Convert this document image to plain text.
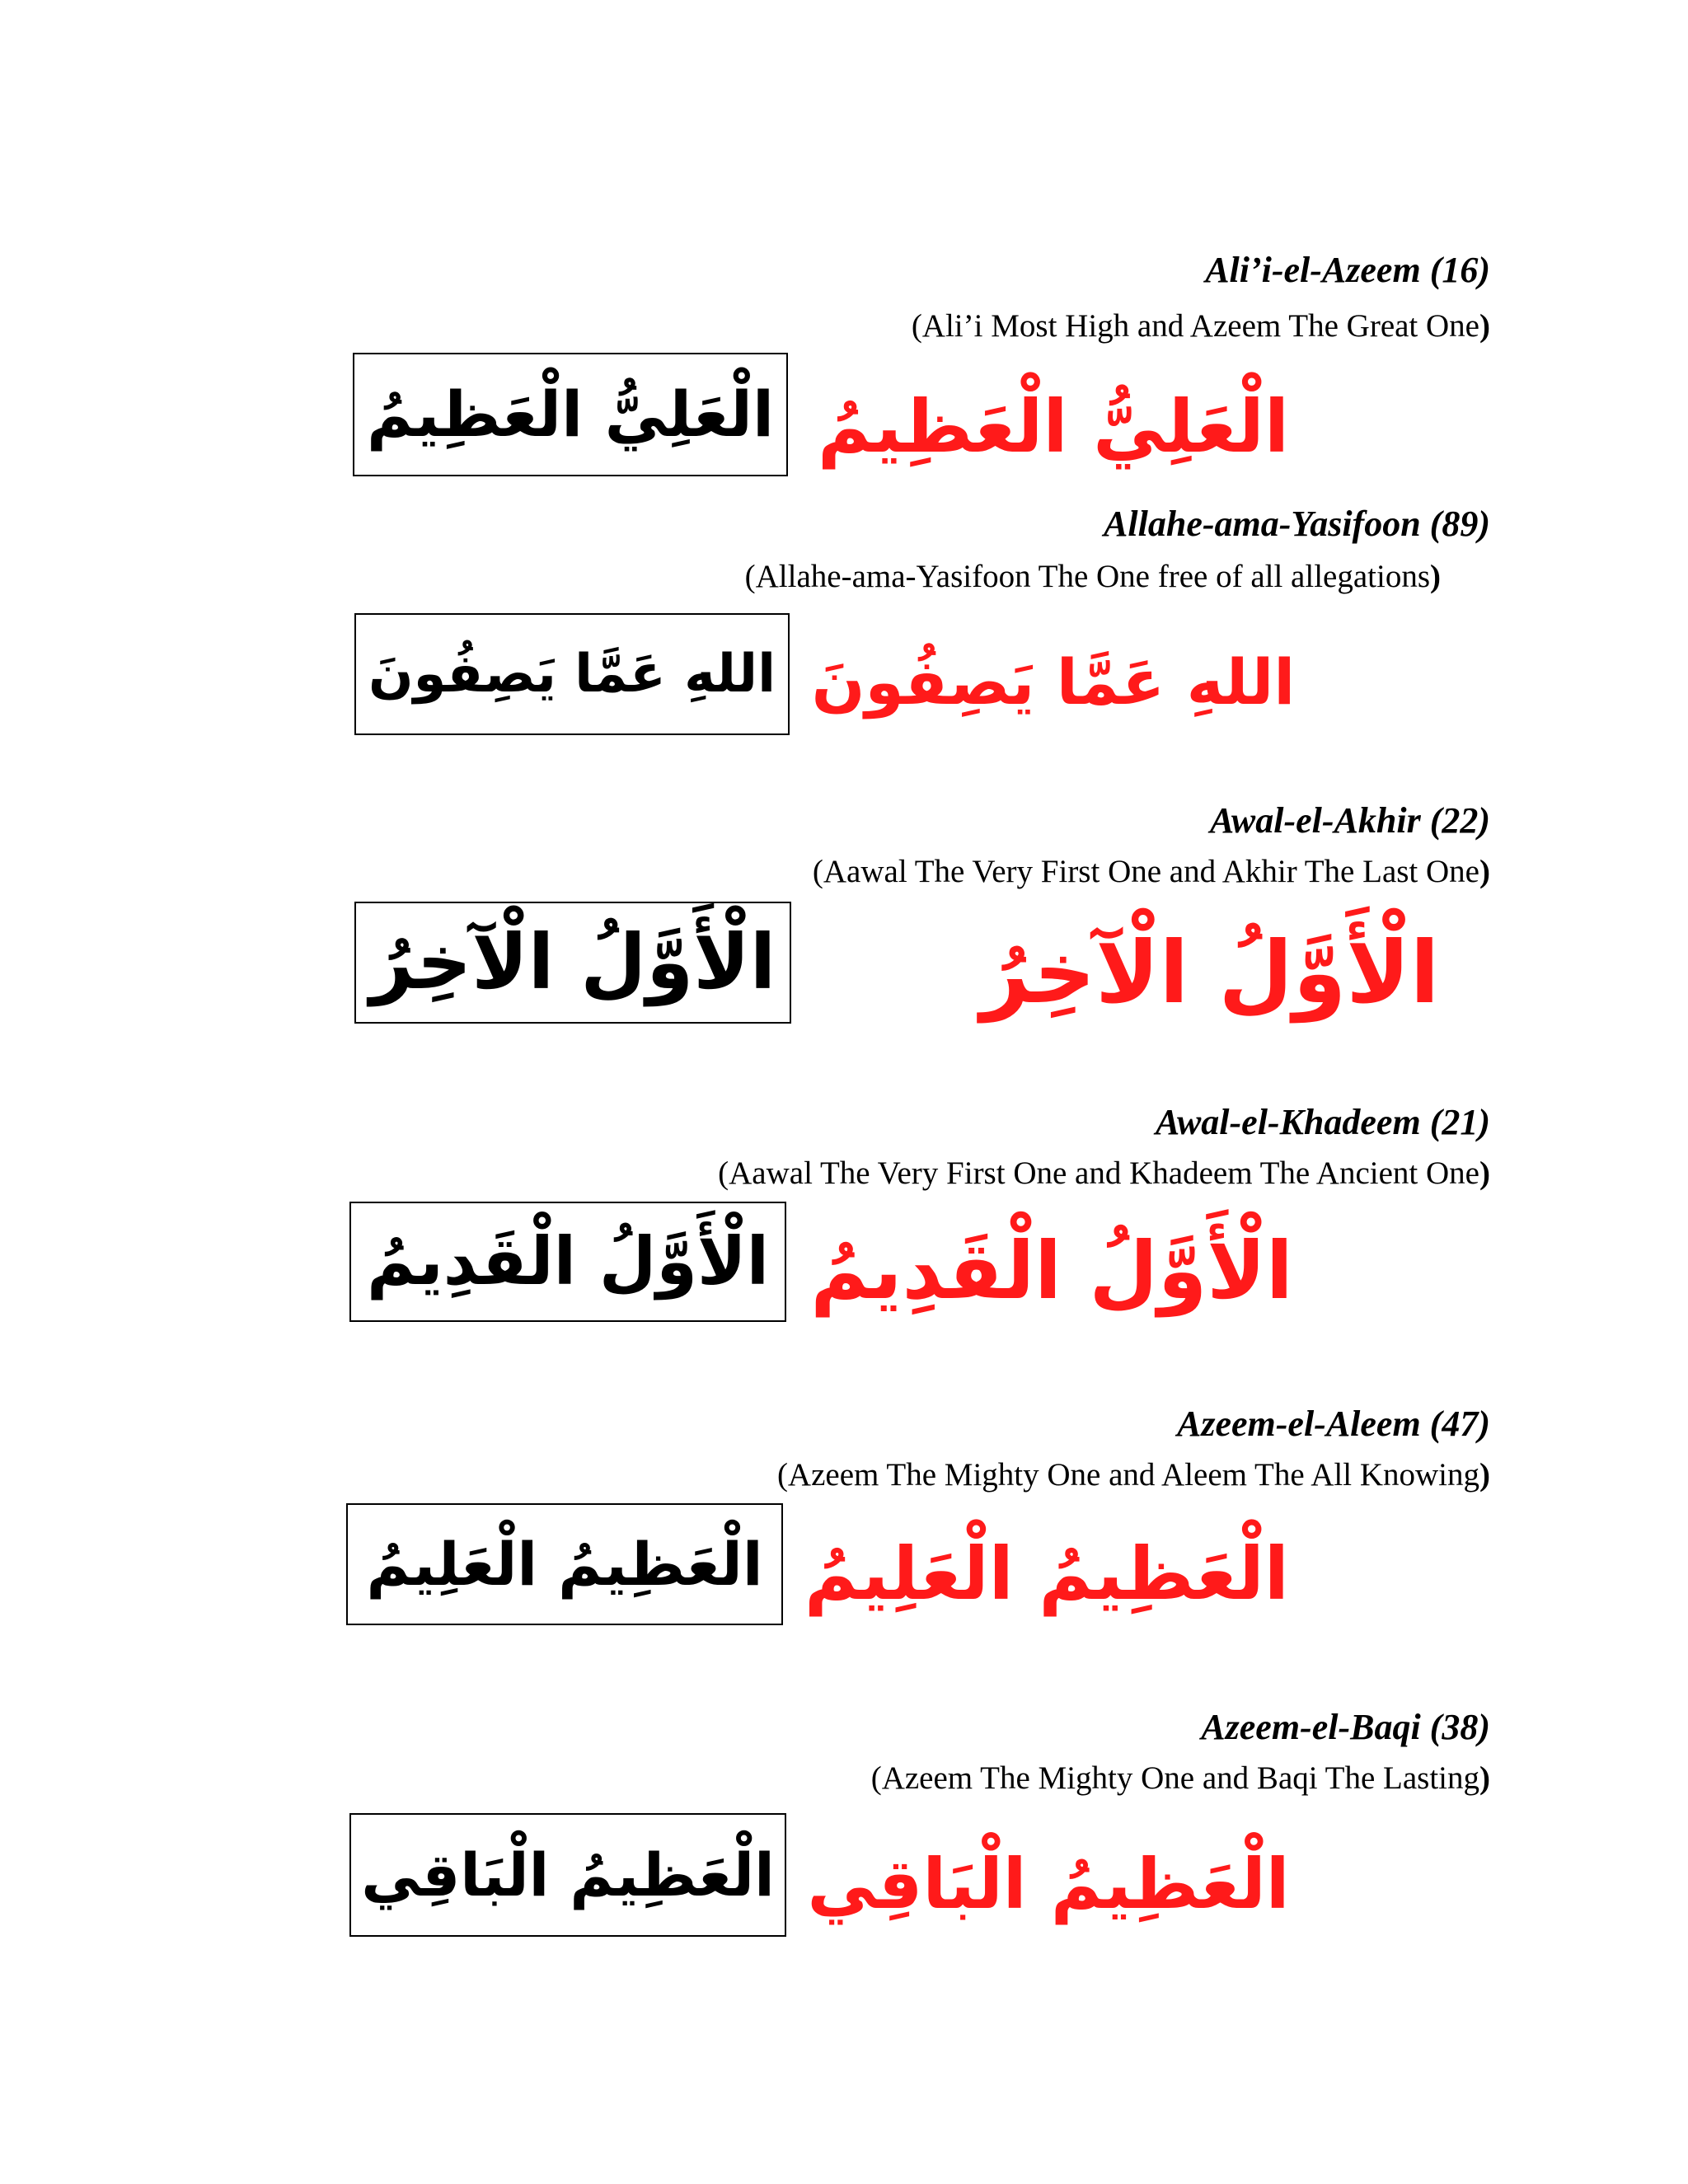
Ali’i-el-Azeem (16)
(Ali’i Most High and Azeem The Great One)
الْعَلِيُّ الْعَظِيمُ الْعَلِيُّ الْعَظِيمُ
Allahe-ama-Yasifoon (89)
(Allahe-ama-Yasifoon The One free of all allegations)
اللهِ عَمَّا يَصِفُونَ اللهِ عَمَّا يَصِفُونَ
Awal-el-Akhir (22)
(Aawal The Very First One and Akhir The Last One)
الْأَوَّلُ الْآخِرُ الْأَوَّلُ الْآخِرُ
Awal-el-Khadeem (21)
(Aawal The Very First One and Khadeem The Ancient One)
الْأَوَّلُ الْقَدِيمُ الْأَوَّلُ الْقَدِيمُ
Azeem-el-Aleem (47)
(Azeem The Mighty One and Aleem The All Knowing)
الْعَظِيمُ الْعَلِيمُ الْعَظِيمُ الْعَلِيمُ
Azeem-el-Baqi (38)
(Azeem The Mighty One and Baqi The Lasting)
الْعَظِيمُ الْبَاقِي الْعَظِيمُ الْبَاقِي
